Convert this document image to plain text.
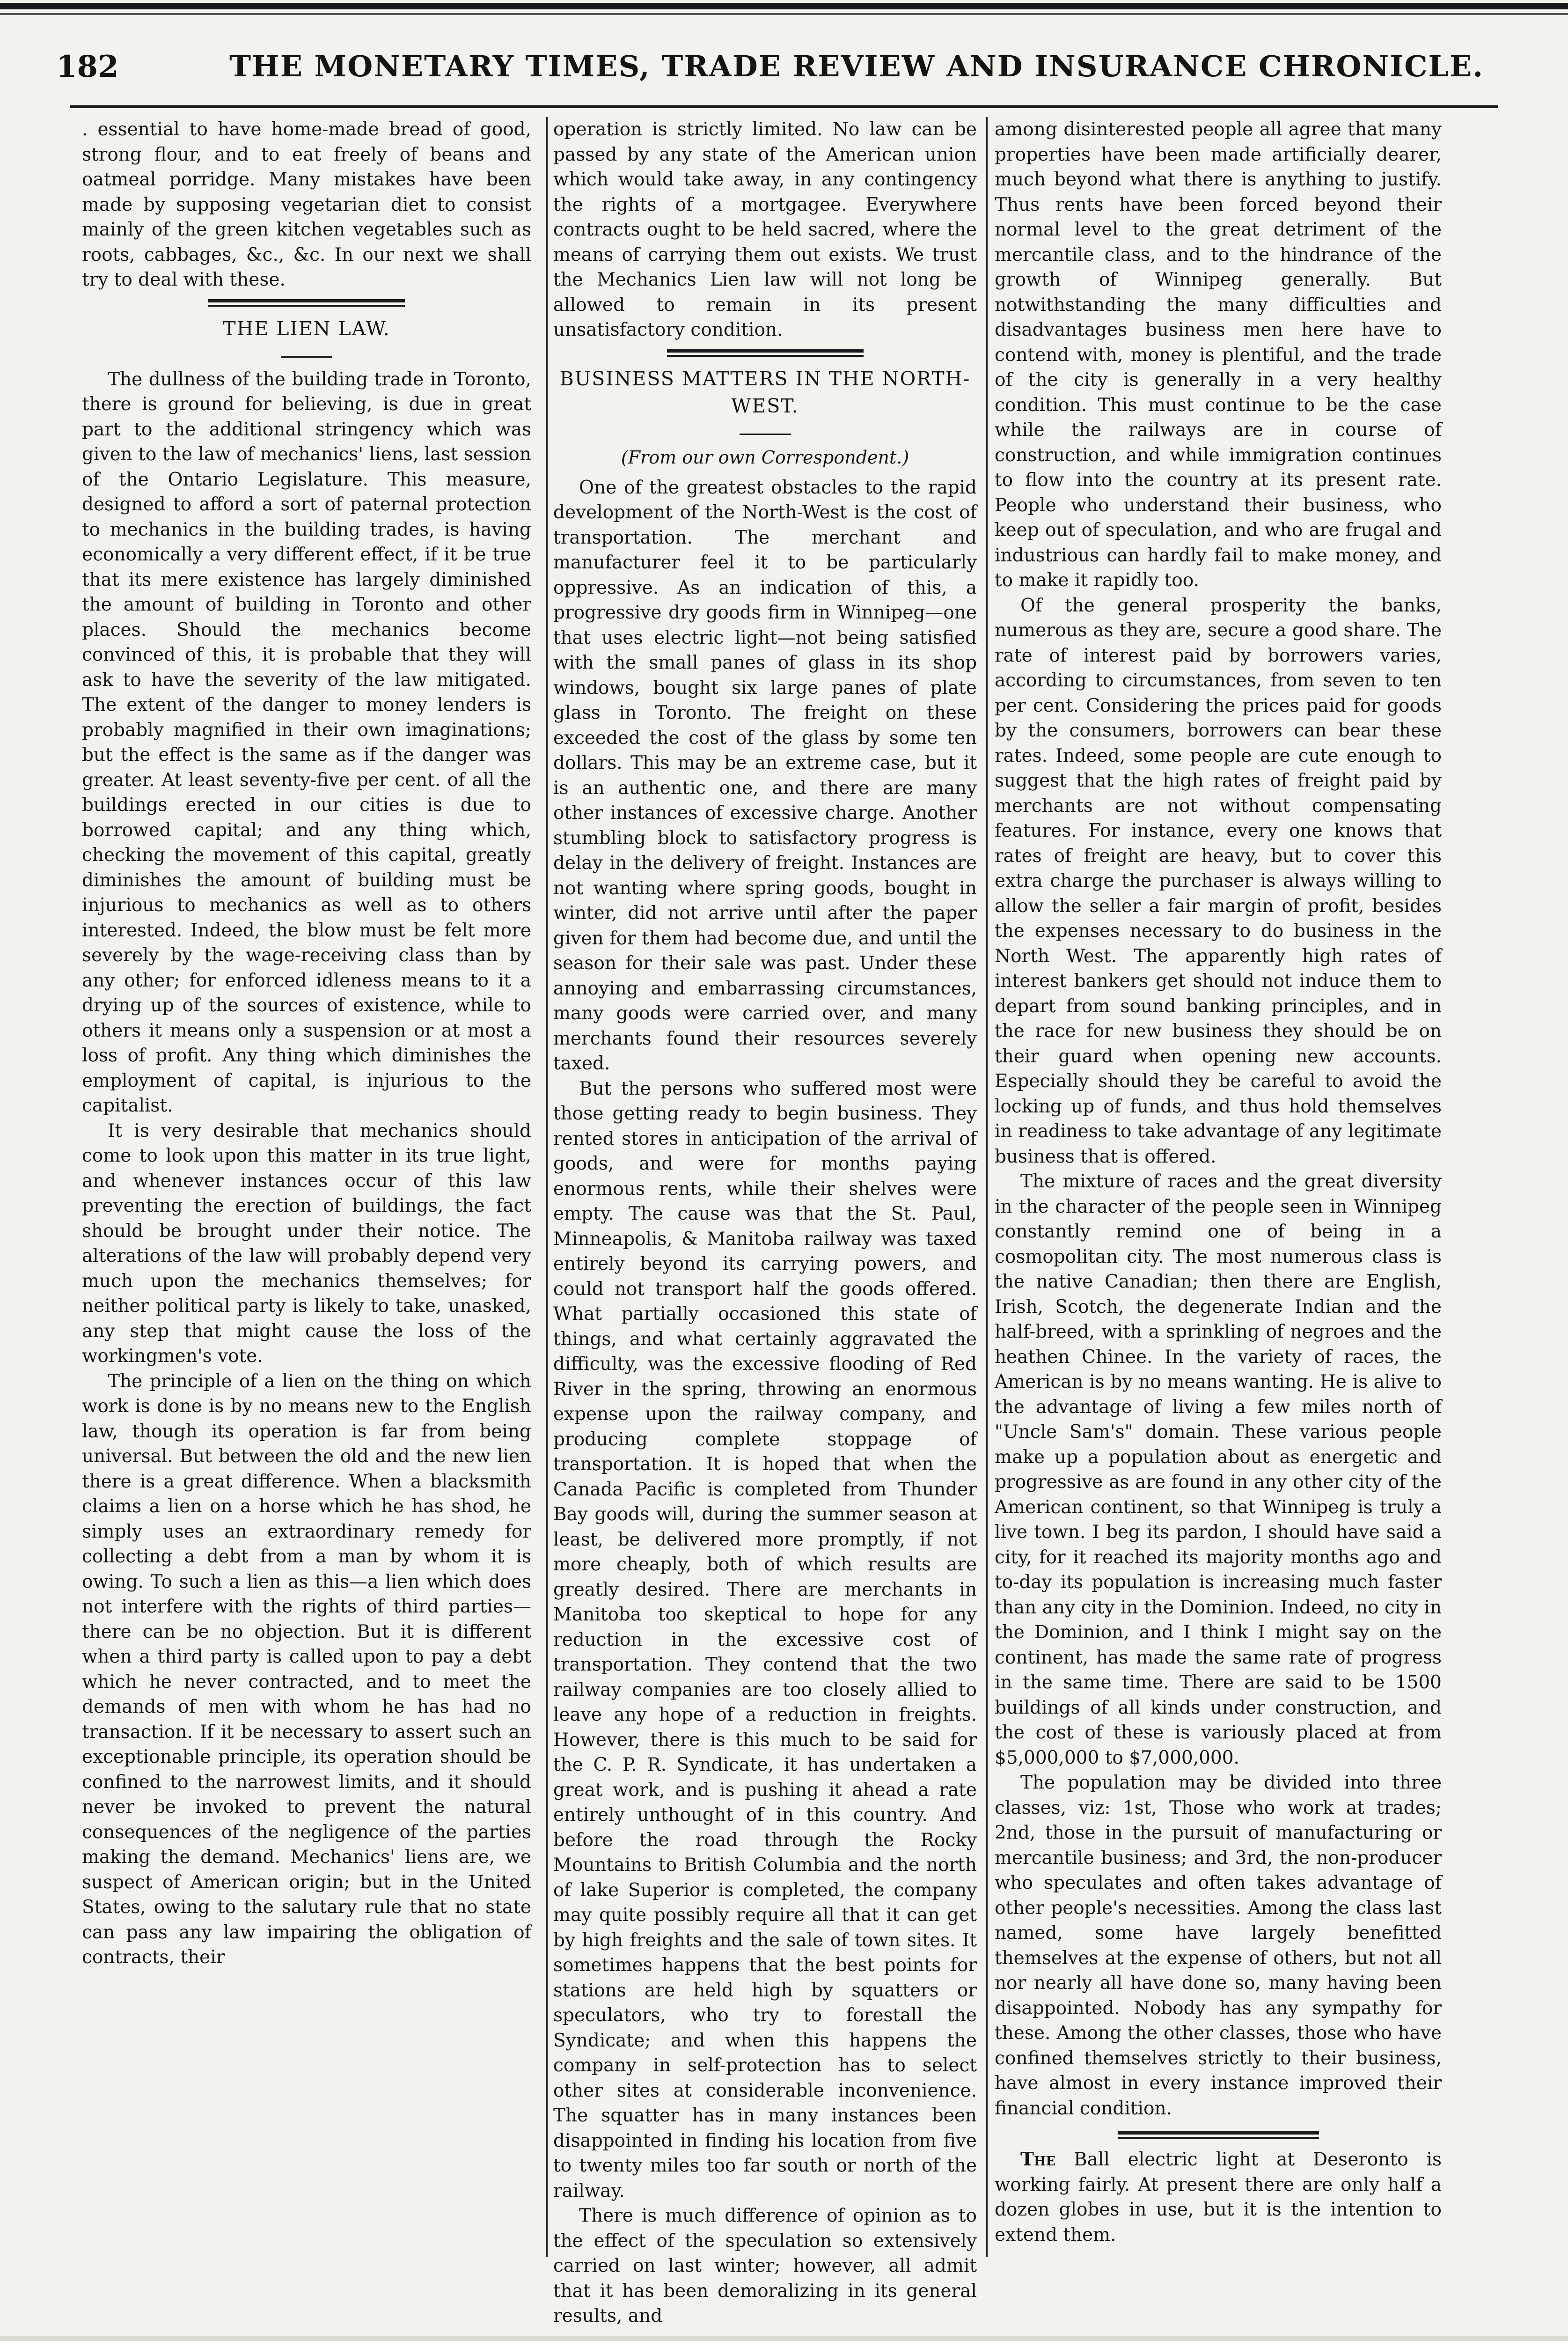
182	THE MONETARY TIMES, TRADE REVIEW AND INSURANCE CHRONICLE.

. essential to have home-made bread of good, strong flour, and to eat freely of beans and oatmeal porridge. Many mistakes have been made by supposing vegetarian diet to consist mainly of the green kitchen vegetables such as roots, cabbages, &c., &c. In our next we shall try to deal with these.

THE LIEN LAW.

The dullness of the building trade in Toronto, there is ground for believing, is due in great part to the additional stringency which was given to the law of mechanics' liens, last session of the Ontario Legislature. This measure, designed to afford a sort of paternal protection to mechanics in the building trades, is having economically a very different effect, if it be true that its mere existence has largely diminished the amount of building in Toronto and other places. Should the mechanics become convinced of this, it is probable that they will ask to have the severity of the law mitigated. The extent of the danger to money lenders is probably magnified in their own imaginations; but the effect is the same as if the danger was greater. At least seventy-five per cent. of all the buildings erected in our cities is due to borrowed capital; and any thing which, checking the movement of this capital, greatly diminishes the amount of building must be injurious to mechanics as well as to others interested. Indeed, the blow must be felt more severely by the wage-receiving class than by any other; for enforced idleness means to it a drying up of the sources of existence, while to others it means only a suspension or at most a loss of profit. Any thing which diminishes the employment of capital, is injurious to the capitalist.

It is very desirable that mechanics should come to look upon this matter in its true light, and whenever instances occur of this law preventing the erection of buildings, the fact should be brought under their notice. The alterations of the law will probably depend very much upon the mechanics themselves; for neither political party is likely to take, unasked, any step that might cause the loss of the workingmen's vote.

The principle of a lien on the thing on which work is done is by no means new to the English law, though its operation is far from being universal. But between the old and the new lien there is a great difference. When a blacksmith claims a lien on a horse which he has shod, he simply uses an extraordinary remedy for collecting a debt from a man by whom it is owing. To such a lien as this—a lien which does not interfere with the rights of third parties—there can be no objection. But it is different when a third party is called upon to pay a debt which he never contracted, and to meet the demands of men with whom he has had no transaction. If it be necessary to assert such an exceptionable principle, its operation should be confined to the narrowest limits, and it should never be invoked to prevent the natural consequences of the negligence of the parties making the demand. Mechanics' liens are, we suspect of American origin; but in the United States, owing to the salutary rule that no state can pass any law impairing the obligation of contracts, their

operation is strictly limited. No law can be passed by any state of the American union which would take away, in any contingency the rights of a mortgagee. Everywhere contracts ought to be held sacred, where the means of carrying them out exists. We trust the Mechanics Lien law will not long be allowed to remain in its present unsatisfactory condition.

BUSINESS MATTERS IN THE NORTH-WEST.
(From our own Correspondent.)

One of the greatest obstacles to the rapid development of the North-West is the cost of transportation. The merchant and manufacturer feel it to be particularly oppressive. As an indication of this, a progressive dry goods firm in Winnipeg—one that uses electric light—not being satisfied with the small panes of glass in its shop windows, bought six large panes of plate glass in Toronto. The freight on these exceeded the cost of the glass by some ten dollars. This may be an extreme case, but it is an authentic one, and there are many other instances of excessive charge. Another stumbling block to satisfactory progress is delay in the delivery of freight. Instances are not wanting where spring goods, bought in winter, did not arrive until after the paper given for them had become due, and until the season for their sale was past. Under these annoying and embarrassing circumstances, many goods were carried over, and many merchants found their resources severely taxed.

But the persons who suffered most were those getting ready to begin business. They rented stores in anticipation of the arrival of goods, and were for months paying enormous rents, while their shelves were empty. The cause was that the St. Paul, Minneapolis, & Manitoba railway was taxed entirely beyond its carrying powers, and could not transport half the goods offered. What partially occasioned this state of things, and what certainly aggravated the difficulty, was the excessive flooding of Red River in the spring, throwing an enormous expense upon the railway company, and producing complete stoppage of transportation. It is hoped that when the Canada Pacific is completed from Thunder Bay goods will, during the summer season at least, be delivered more promptly, if not more cheaply, both of which results are greatly desired. There are merchants in Manitoba too skeptical to hope for any reduction in the excessive cost of transportation. They contend that the two railway companies are too closely allied to leave any hope of a reduction in freights. However, there is this much to be said for the C. P. R. Syndicate, it has undertaken a great work, and is pushing it ahead a rate entirely unthought of in this country. And before the road through the Rocky Mountains to British Columbia and the north of lake Superior is completed, the company may quite possibly require all that it can get by high freights and the sale of town sites. It sometimes happens that the best points for stations are held high by squatters or speculators, who try to forestall the Syndicate; and when this happens the company in self-protection has to select other sites at considerable inconvenience. The squatter has in many instances been disappointed in finding his location from five to twenty miles too far south or north of the railway.

There is much difference of opinion as to the effect of the speculation so extensively carried on last winter; however, all admit that it has been demoralizing in its general results, and

among disinterested people all agree that many properties have been made artificially dearer, much beyond what there is anything to justify. Thus rents have been forced beyond their normal level to the great detriment of the mercantile class, and to the hindrance of the growth of Winnipeg generally. But notwithstanding the many difficulties and disadvantages business men here have to contend with, money is plentiful, and the trade of the city is generally in a very healthy condition. This must continue to be the case while the railways are in course of construction, and while immigration continues to flow into the country at its present rate. People who understand their business, who keep out of speculation, and who are frugal and industrious can hardly fail to make money, and to make it rapidly too.

Of the general prosperity the banks, numerous as they are, secure a good share. The rate of interest paid by borrowers varies, according to circumstances, from seven to ten per cent. Considering the prices paid for goods by the consumers, borrowers can bear these rates. Indeed, some people are cute enough to suggest that the high rates of freight paid by merchants are not without compensating features. For instance, every one knows that rates of freight are heavy, but to cover this extra charge the purchaser is always willing to allow the seller a fair margin of profit, besides the expenses necessary to do business in the North West. The apparently high rates of interest bankers get should not induce them to depart from sound banking principles, and in the race for new business they should be on their guard when opening new accounts. Especially should they be careful to avoid the locking up of funds, and thus hold themselves in readiness to take advantage of any legitimate business that is offered.

The mixture of races and the great diversity in the character of the people seen in Winnipeg constantly remind one of being in a cosmopolitan city. The most numerous class is the native Canadian; then there are English, Irish, Scotch, the degenerate Indian and the half-breed, with a sprinkling of negroes and the heathen Chinee. In the variety of races, the American is by no means wanting. He is alive to the advantage of living a few miles north of "Uncle Sam's" domain. These various people make up a population about as energetic and progressive as are found in any other city of the American continent, so that Winnipeg is truly a live town. I beg its pardon, I should have said a city, for it reached its majority months ago and to-day its population is increasing much faster than any city in the Dominion. Indeed, no city in the Dominion, and I think I might say on the continent, has made the same rate of progress in the same time. There are said to be 1500 buildings of all kinds under construction, and the cost of these is variously placed at from $5,000,000 to $7,000,000.

The population may be divided into three classes, viz: 1st, Those who work at trades; 2nd, those in the pursuit of manufacturing or mercantile business; and 3rd, the non-producer who speculates and often takes advantage of other people's necessities. Among the class last named, some have largely benefitted themselves at the expense of others, but not all nor nearly all have done so, many having been disappointed. Nobody has any sympathy for these. Among the other classes, those who have confined themselves strictly to their business, have almost in every instance improved their financial condition.

The Ball electric light at Deseronto is working fairly. At present there are only half a dozen globes in use, but it is the intention to extend them.
